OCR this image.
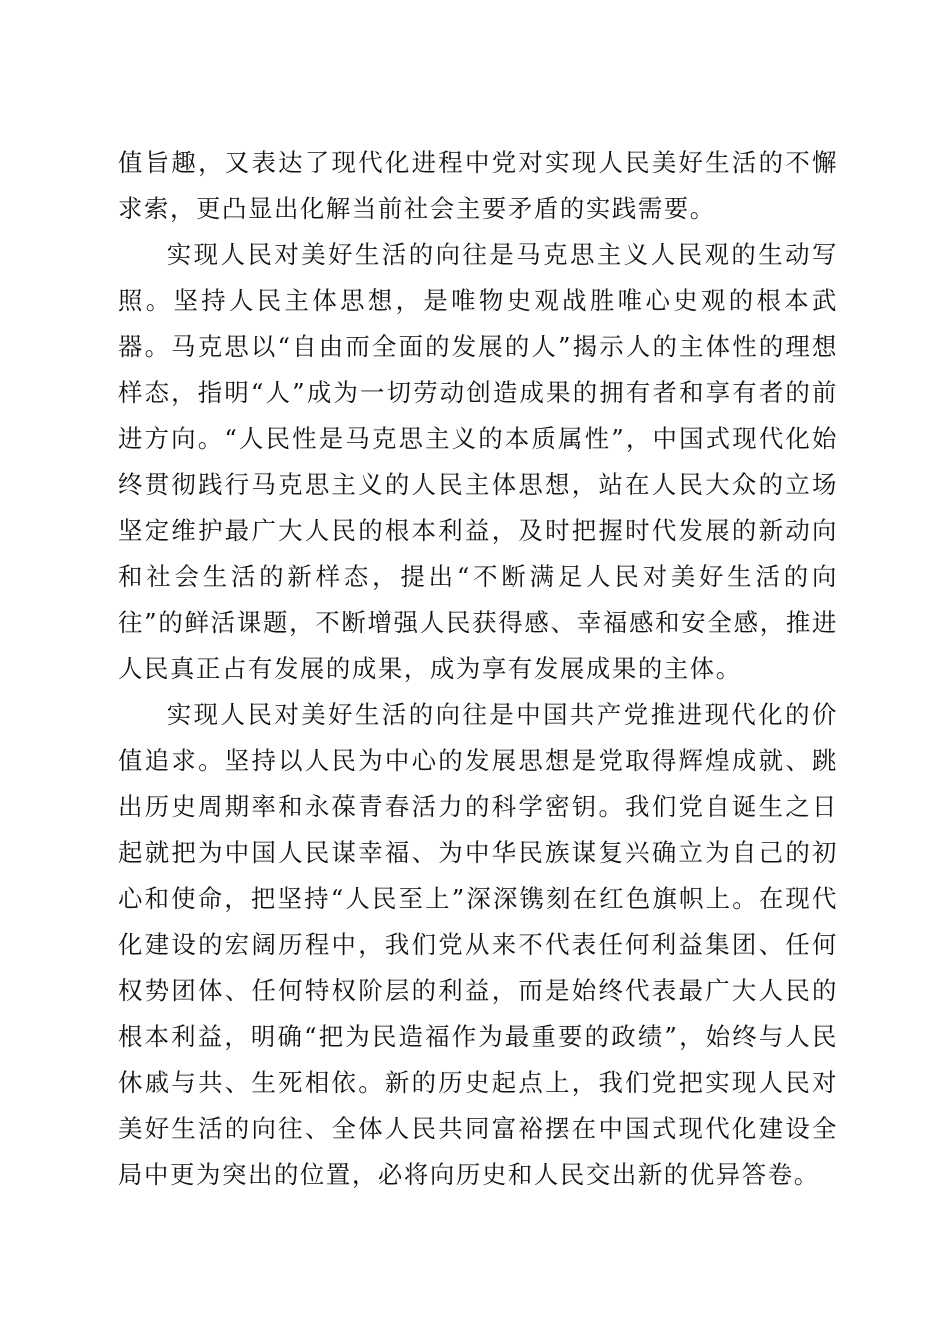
值旨趣，又表达了现代化进程中党对实现人民美好生活的不懈求索，更凸显出化解当前社会主要矛盾的实践需要。

实现人民对美好生活的向往是马克思主义人民观的生动写照。坚持人民主体思想，是唯物史观战胜唯心史观的根本武器。马克思以“自由而全面的发展的人”揭示人的主体性的理想样态，指明“人”成为一切劳动创造成果的拥有者和享有者的前进方向。“人民性是马克思主义的本质属性”，中国式现代化始终贯彻践行马克思主义的人民主体思想，站在人民大众的立场坚定维护最广大人民的根本利益，及时把握时代发展的新动向和社会生活的新样态，提出“不断满足人民对美好生活的向往”的鲜活课题，不断增强人民获得感、幸福感和安全感，推进人民真正占有发展的成果，成为享有发展成果的主体。

实现人民对美好生活的向往是中国共产党推进现代化的价值追求。坚持以人民为中心的发展思想是党取得辉煌成就、跳出历史周期率和永葆青春活力的科学密钥。我们党自诞生之日起就把为中国人民谋幸福、为中华民族谋复兴确立为自己的初心和使命，把坚持“人民至上”深深镌刻在红色旗帜上。在现代化建设的宏阔历程中，我们党从来不代表任何利益集团、任何权势团体、任何特权阶层的利益，而是始终代表最广大人民的根本利益，明确“把为民造福作为最重要的政绩”，始终与人民休戚与共、生死相依。新的历史起点上，我们党把实现人民对美好生活的向往、全体人民共同富裕摆在中国式现代化建设全局中更为突出的位置，必将向历史和人民交出新的优异答卷。
